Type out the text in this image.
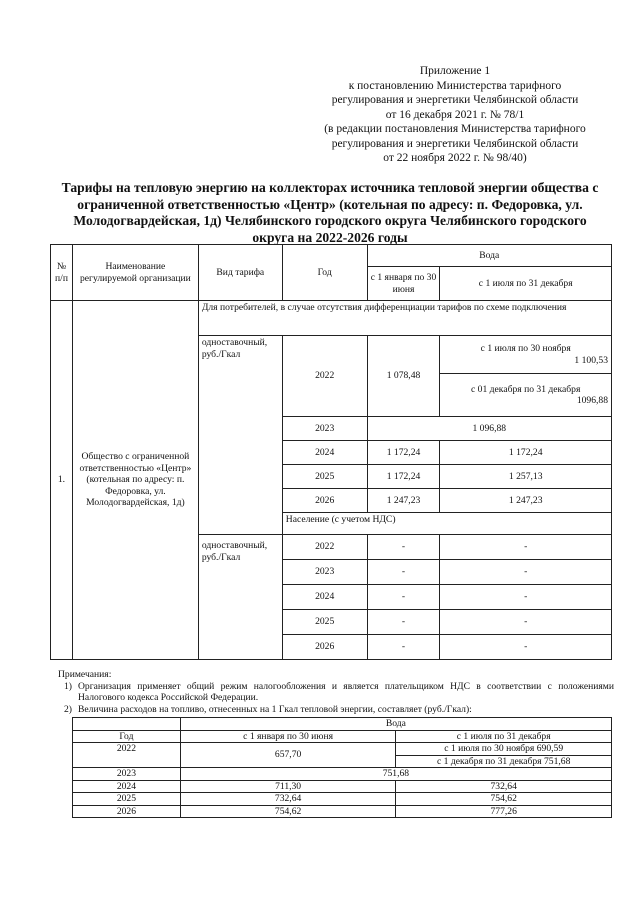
Приложение 1
к постановлению Министерства тарифного
регулирования и энергетики Челябинской области
от 16 декабря 2021 г. № 78/1
(в редакции постановления Министерства тарифного
регулирования и энергетики Челябинской области
от 22 ноября 2022 г. № 98/40)
Тарифы на тепловую энергию на коллекторах источника тепловой энергии общества с ограниченной ответственностью «Центр» (котельная по адресу: п. Федоровка, ул. Молодогвардейская, 1д) Челябинского городского округа Челябинского городского округа на 2022-2026 годы
№ п/п	Наименование регулируемой организации	Вид тарифа	Год	Вода	
				с 1 января по 30 июня	с 1 июля по 31 декабря
1.	Общество с ограниченной ответственностью «Центр» (котельная по адресу: п. Федоровка, ул. Молодогвардейская, 1д)	Для потребителей, в случае отсутствия дифференциации тарифов по схеме подключения			
		одноставочный, руб./Гкал	2022	1 078,48	с 1 июля по 30 ноября
1 100,53

					с 01 декабря по 31 декабря
1096,88

			2023	1 096,88	
			2024	1 172,24	1 172,24
			2025	1 172,24	1 257,13
			2026	1 247,23	1 247,23
			Население (с учетом НДС)		
		одноставочный, руб./Гкал	2022	-	-
			2023	-	-
			2024	-	-
			2025	-	-
			2026	-	-

Примечания:

1) Организация применяет общий режим налогообложения и является плательщиком НДС в соответствии с положениями Налогового кодекса Российской Федерации.

2) Величина расходов на топливо, отнесенных на 1 Гкал тепловой энергии, составляет (руб./Гкал):

	Вода	
Год	с 1 января по 30 июня	с 1 июля по 31 декабря
2022	657,70	с 1 июля по 30 ноября 690,59
		с 1 декабря по 31 декабря 751,68
2023	751,68	
2024	711,30	732,64
2025	732,64	754,62
2026	754,62	777,26
